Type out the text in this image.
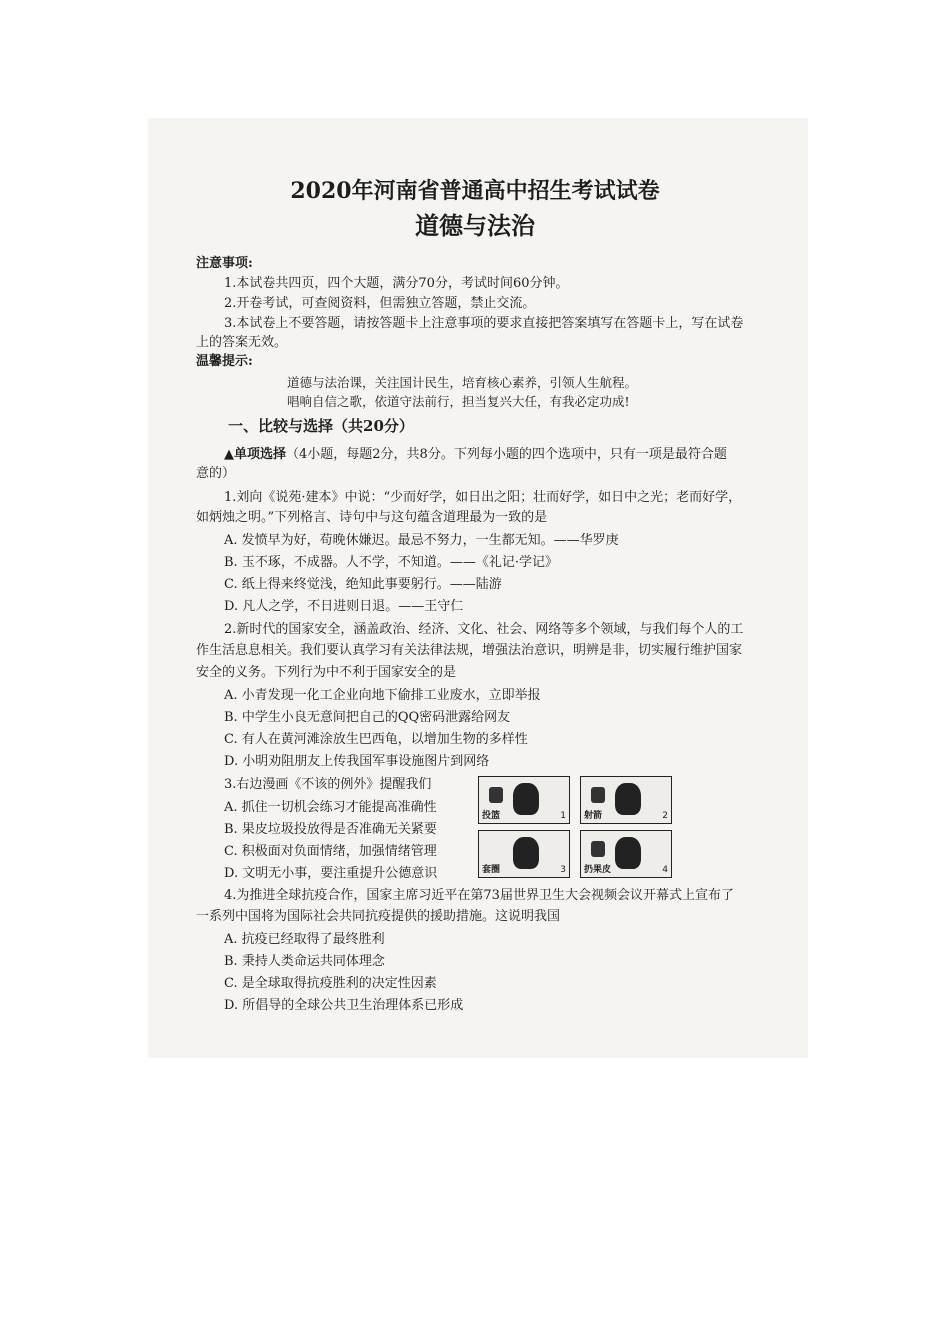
2020年河南省普通高中招生考试试卷
道德与法治
注意事项:
1.本试卷共四页，四个大题，满分70分，考试时间60分钟。
2.开卷考试，可查阅资料，但需独立答题，禁止交流。
3.本试卷上不要答题，请按答题卡上注意事项的要求直接把答案填写在答题卡上，写在试卷
上的答案无效。
温馨提示:
道德与法治课，关注国计民生，培育核心素养，引领人生航程。
唱响自信之歌，依道守法前行，担当复兴大任，有我必定功成!
一、比较与选择（共20分）
▲单项选择（4小题，每题2分，共8分。下列每小题的四个选项中，只有一项是最符合题
意的）
1.刘向《说苑·建本》中说：“少而好学，如日出之阳；壮而好学，如日中之光；老而好学，
如炳烛之明。”下列格言、诗句中与这句蕴含道理最为一致的是
A. 发愤早为好，苟晚休嫌迟。最忌不努力，一生都无知。——华罗庚
B. 玉不琢，不成器。人不学，不知道。——《礼记·学记》
C. 纸上得来终觉浅，绝知此事要躬行。——陆游
D. 凡人之学，不日进则日退。——王守仁
2.新时代的国家安全，涵盖政治、经济、文化、社会、网络等多个领域，与我们每个人的工
作生活息息相关。我们要认真学习有关法律法规，增强法治意识，明辨是非，切实履行维护国家
安全的义务。下列行为中不利于国家安全的是
A. 小青发现一化工企业向地下偷排工业废水，立即举报
B. 中学生小良无意间把自己的QQ密码泄露给网友
C. 有人在黄河滩涂放生巴西龟，以增加生物的多样性
D. 小明劝阻朋友上传我国军事设施图片到网络
3.右边漫画《不该的例外》提醒我们
A. 抓住一切机会练习才能提高准确性
B. 果皮垃圾投放得是否准确无关紧要
C. 积极面对负面情绪，加强情绪管理
D. 文明无小事，要注重提升公德意识
投篮	1 射箭	2
套圈	3 扔果皮	4
4.为推进全球抗疫合作，国家主席习近平在第73届世界卫生大会视频会议开幕式上宣布了
一系列中国将为国际社会共同抗疫提供的援助措施。这说明我国
A. 抗疫已经取得了最终胜利
B. 秉持人类命运共同体理念
C. 是全球取得抗疫胜利的决定性因素
D. 所倡导的全球公共卫生治理体系已形成
